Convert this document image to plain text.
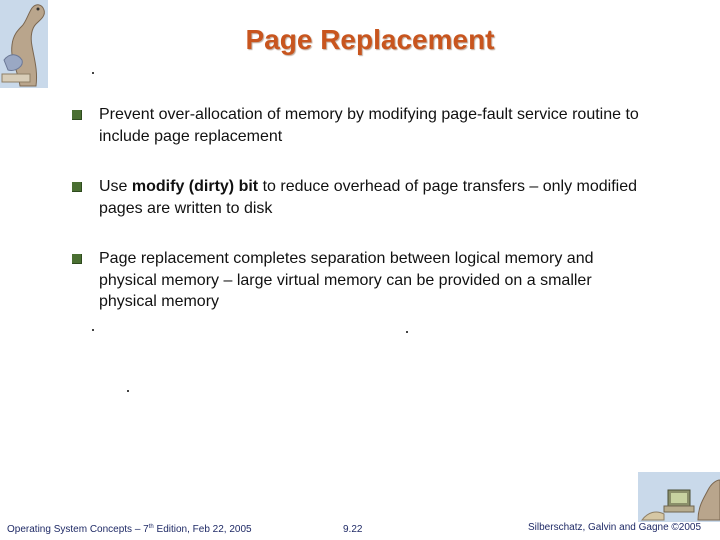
Page Replacement
Prevent over-allocation of memory by modifying page-fault service routine to include page replacement
Use modify (dirty) bit to reduce overhead of page transfers – only modified pages are written to disk
Page replacement completes separation between logical memory and physical memory – large virtual memory can be provided on a smaller physical memory
Operating System Concepts – 7th Edition, Feb 22, 2005	9.22	Silberschatz, Galvin and Gagne ©2005
